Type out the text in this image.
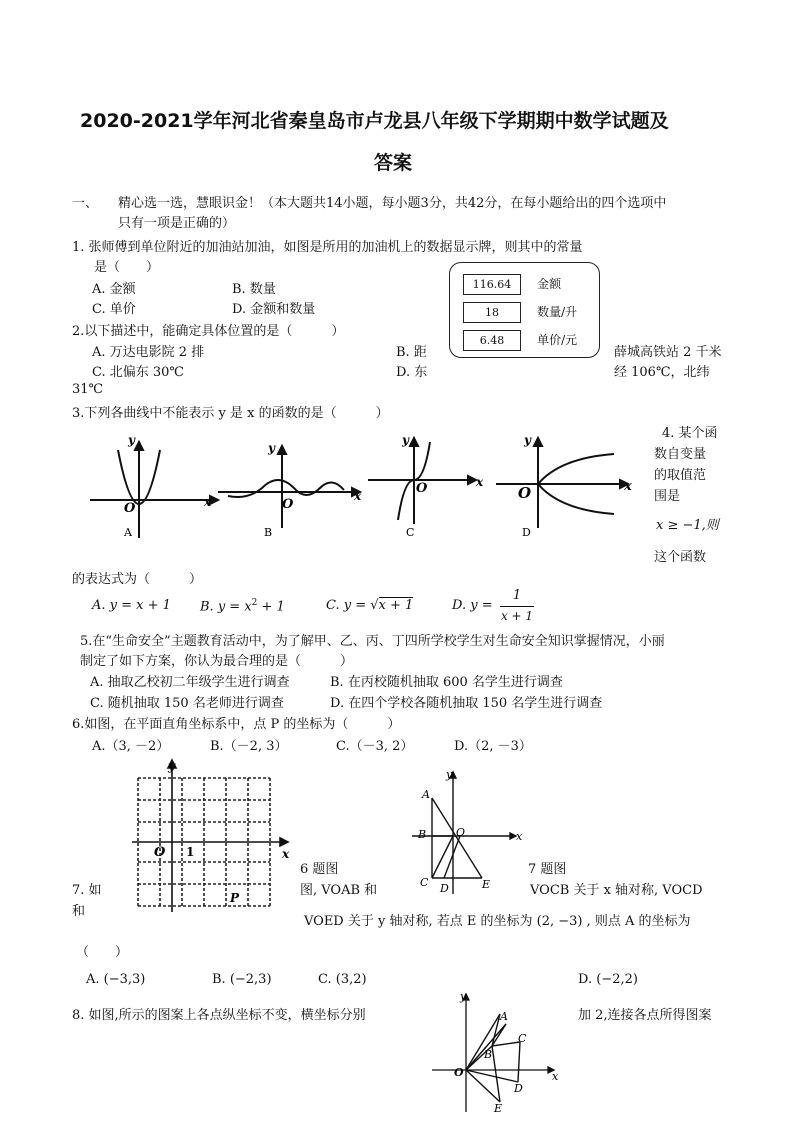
2020-2021学年河北省秦皇岛市卢龙县八年级下学期期中数学试题及
答案
一、 精心选一选，慧眼识金！（本大题共14小题，每小题3分，共42分，在每小题给出的四个选项中
只有一项是正确的）
1. 张师傅到单位附近的加油站加油，如图是所用的加油机上的数据显示牌，则其中的常量
是（　　）
A. 金额	B. 数量
C. 单价	D. 金额和数量
116.64 金额
18	数量/升
6.48	单价/元
2.以下描述中，能确定具体位置的是（　　　）
A. 万达电影院 2 排	B. 距	薛城高铁站 2 千米
C. 北偏东 30℃	D. 东	经 106℃，北纬
31℃
3.下列各曲线中不能表示 y 是 x 的函数的是（　　　）
x
y
O
A
x
y
O
B
x
y
O
C
x
y
O
D
4. 某个函
数自变量
的取值范
围是
x ≥ −1,则
这个函数
的表达式为（　　　）
A. y = x + 1 B. $y = x^2 + 1$	C. y = √x + 1	D. y =
1
x + 1
5.在“生命安全”主题教育活动中，为了解甲、乙、丙、丁四所学校学生对生命安全知识掌握情况，小丽
制定了如下方案，你认为最合理的是（　　　）
A. 抽取乙校初二年级学生进行调查	B. 在丙校随机抽取 600 名学生进行调查
C. 随机抽取 150 名老师进行调查	D. 在四个学校各随机抽取 150 名学生进行调查
6.如图，在平面直角坐标系中，点 P 的坐标为（　　　）
A.（3, －2）	B.（－2, 3）	C.（－3, 2）	D.（2, －3）
x
y
O 1
P
6 题图
A
B	O	x
y
C D	E
7 题图
7. 如
和
图, VOAB 和	VOCB 关于 x 轴对称, VOCD
VOED 关于 y 轴对称, 若点 E 的坐标为 (2, −3) , 则点 A 的坐标为
（　　）
A. (−3,3)	B. (−2,3)	C. (3,2)	D. (−2,2)
8. 如图,所示的图案上各点纵坐标不变，横坐标分别	加 2,连接各点所得图案
y
x
O
A
B
C
D
E
